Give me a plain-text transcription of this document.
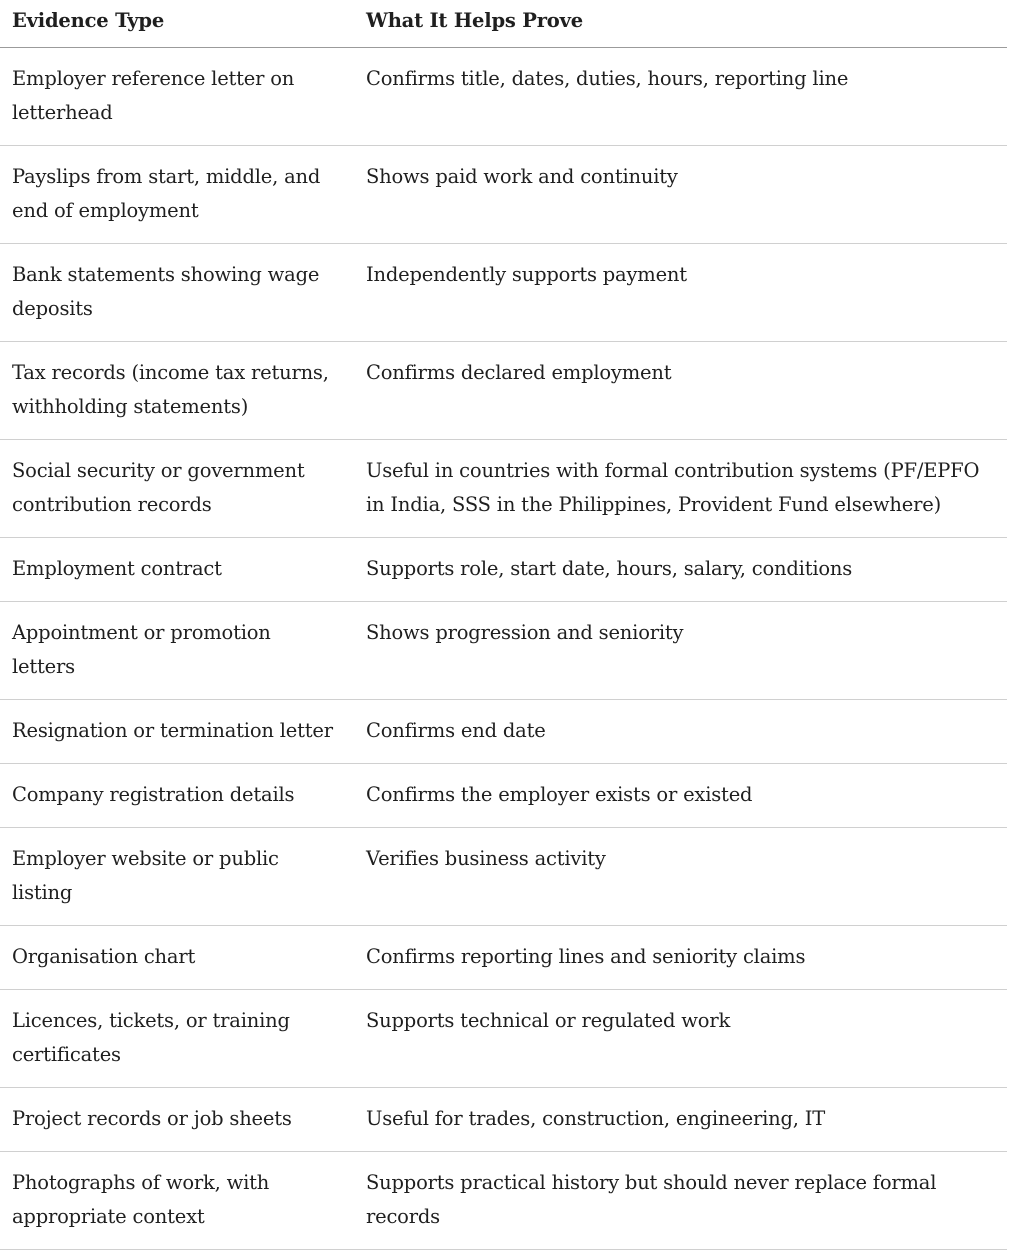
Evidence Type	What It Helps Prove
Employer reference letter on letterhead	Confirms title, dates, duties, hours, reporting line
Payslips from start, middle, and end of employment	Shows paid work and continuity
Bank statements showing wage deposits	Independently supports payment
Tax records (income tax returns, withholding statements)	Confirms declared employment
Social security or government contribution records	Useful in countries with formal contribution systems (PF/EPFO in India, SSS in the Philippines, Provident Fund elsewhere)
Employment contract	Supports role, start date, hours, salary, conditions
Appointment or promotion letters	Shows progression and seniority
Resignation or termination letter	Confirms end date
Company registration details	Confirms the employer exists or existed
Employer website or public listing	Verifies business activity
Organisation chart	Confirms reporting lines and seniority claims
Licences, tickets, or training certificates	Supports technical or regulated work
Project records or job sheets	Useful for trades, construction, engineering, IT
Photographs of work, with appropriate context	Supports practical history but should never replace formal records
